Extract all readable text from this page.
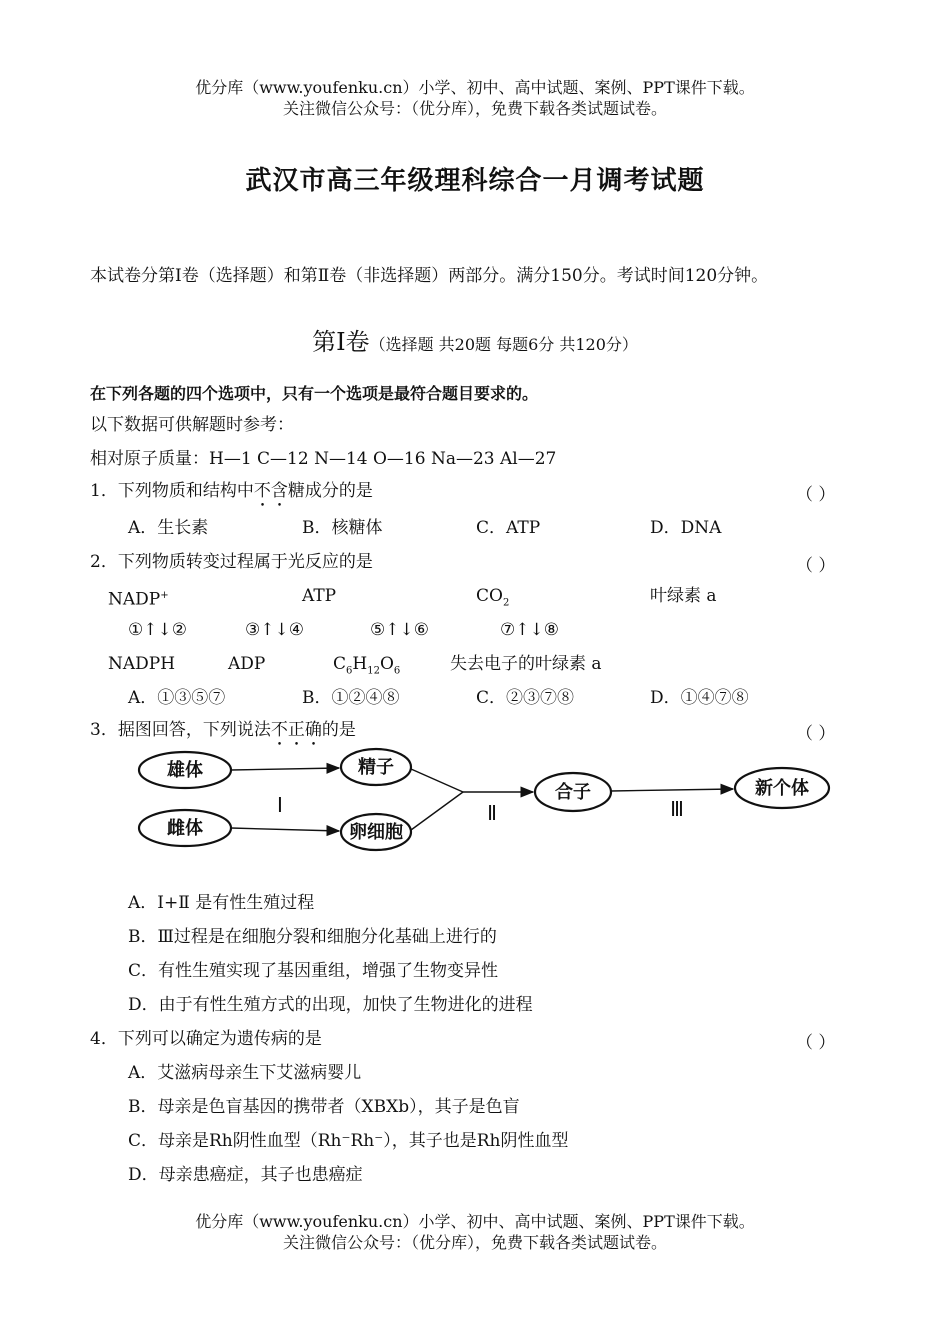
优分库（www.youfenku.cn）小学、初中、高中试题、案例、PPT课件下载。
关注微信公众号：（优分库），免费下载各类试题试卷。
武汉市高三年级理科综合一月调考试题
本试卷分第Ⅰ卷（选择题）和第Ⅱ卷（非选择题）两部分。满分150分。考试时间120分钟。
第Ⅰ卷（选择题 共20题 每题6分 共120分）
在下列各题的四个选项中，只有一个选项是最符合题目要求的。
以下数据可供解题时参考：
相对原子质量：H—1 C—12 N—14 O—16 Na—23 Al—27
1．下列物质和结构中不含糖成分的是	（ ）
A．生长素	B．核糖体	C．ATP	D．DNA
2．下列物质转变过程属于光反应的是	（ ）
NADP+	ATP	$CO_2$	叶绿素 a
①↑↓②	③↑↓④	⑤↑↓⑥	⑦↑↓⑧
NADPH	ADP	$C_6H_{12}O_6$	失去电子的叶绿素 a
A．①③⑤⑦	B．①②④⑧	C．②③⑦⑧	D．①④⑦⑧
3．据图回答，下列说法不正确的是	（ ）
雄体
雌体
精子
卵细胞
合子	新个体
Ⅰ	Ⅱ	Ⅲ
A．Ⅰ+Ⅱ 是有性生殖过程
B．Ⅲ过程是在细胞分裂和细胞分化基础上进行的
C．有性生殖实现了基因重组，增强了生物变异性
D．由于有性生殖方式的出现，加快了生物进化的进程
4．下列可以确定为遗传病的是	（ ）
A．艾滋病母亲生下艾滋病婴儿
B．母亲是色盲基因的携带者（XBXb），其子是色盲
C．母亲是Rh阴性血型（Rh⁻Rh⁻），其子也是Rh阴性血型
D．母亲患癌症，其子也患癌症
优分库（www.youfenku.cn）小学、初中、高中试题、案例、PPT课件下载。
关注微信公众号：（优分库），免费下载各类试题试卷。
